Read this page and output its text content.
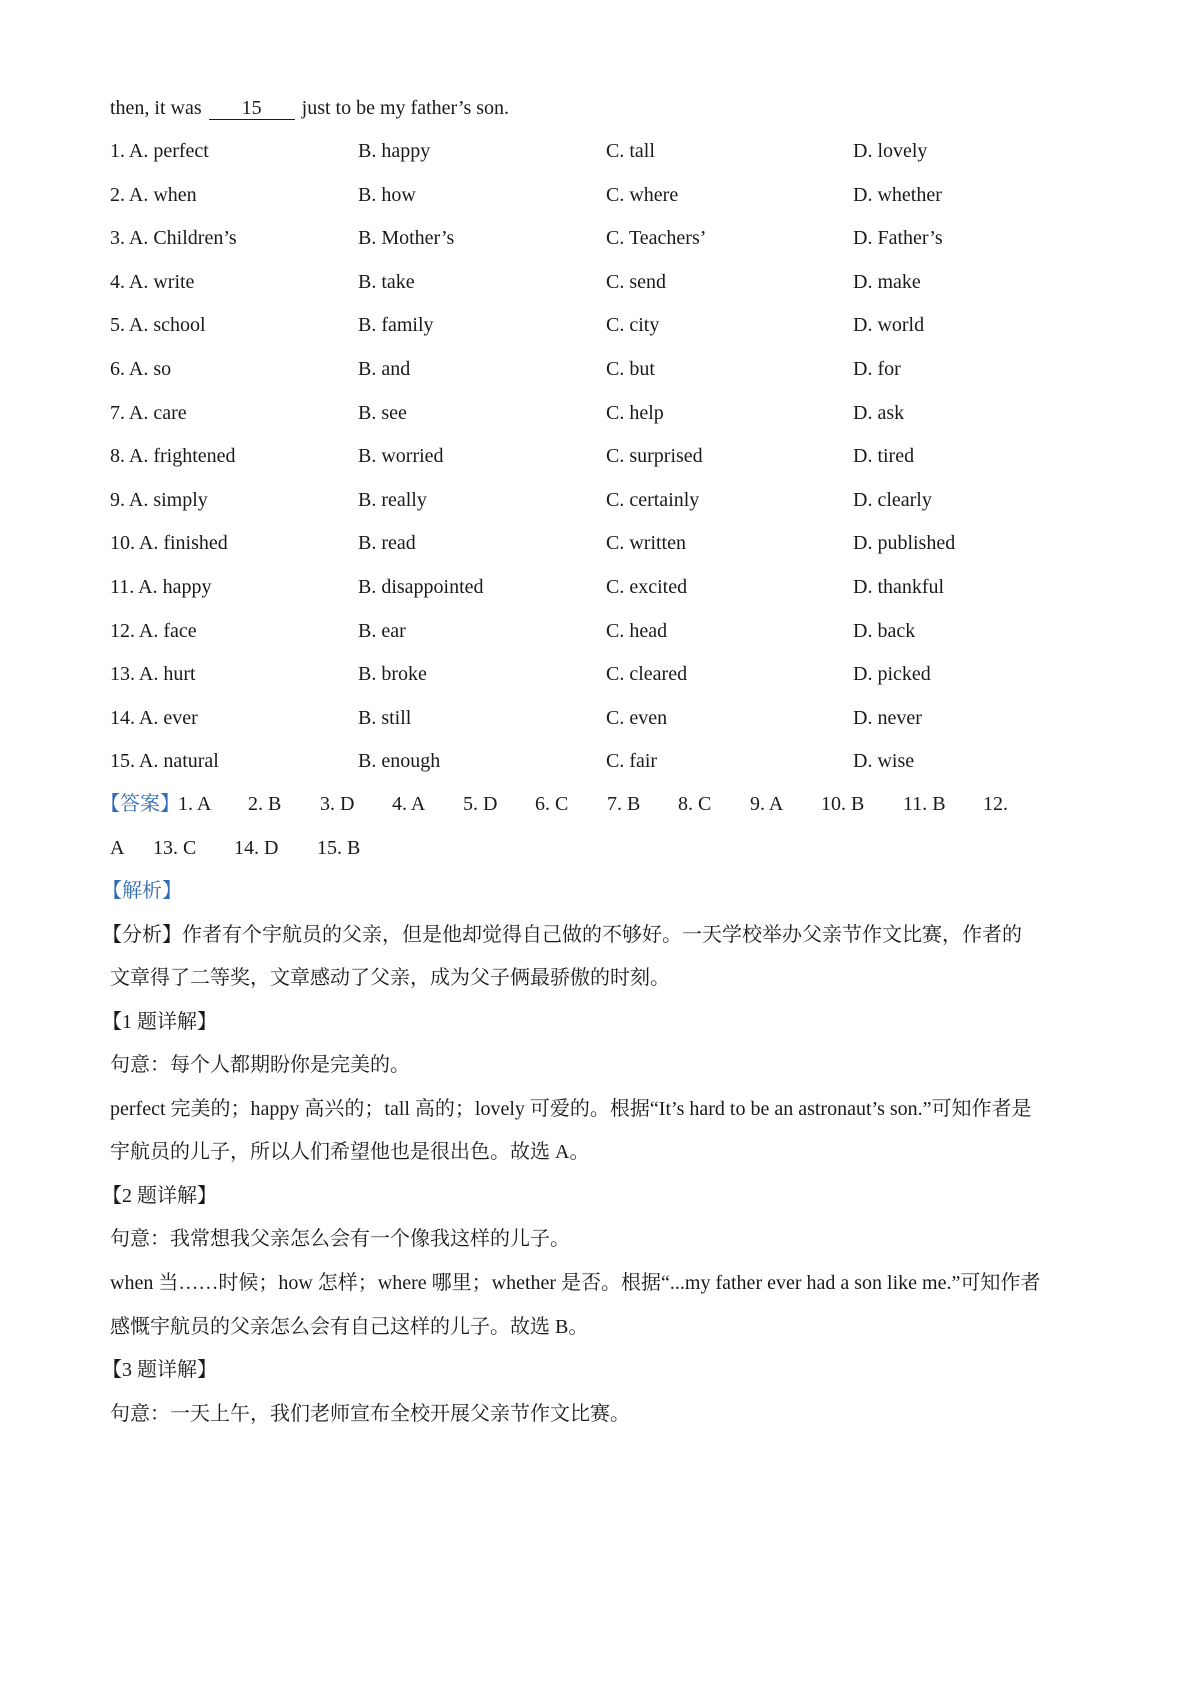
then, it was 15 just to be my father’s son.
1. A. perfect	B. happy	C. tall	D. lovely
2. A. when	B. how	C. where	D. whether
3. A. Children’s	B. Mother’s	C. Teachers’	D. Father’s
4. A. write	B. take	C. send	D. make
5. A. school	B. family	C. city	D. world
6. A. so	B. and	C. but	D. for
7. A. care	B. see	C. help	D. ask
8. A. frightened	B. worried	C. surprised	D. tired
9. A. simply	B. really	C. certainly	D. clearly
10. A. finished	B. read	C. written	D. published
11. A. happy	B. disappointed	C. excited	D. thankful
12. A. face	B. ear	C. head	D. back
13. A. hurt	B. broke	C. cleared	D. picked
14. A. ever	B. still	C. even	D. never
15. A. natural	B. enough	C. fair	D. wise
【答案】
1. A 2. B 3. D 4. A 5. D 6. C 7. B 8. C 9. A 10. B 11. B 12.
A 13. C 14. D 15. B
【解析】
【分析】作者有个宇航员的父亲，但是他却觉得自己做的不够好。一天学校举办父亲节作文比赛，作者的
文章得了二等奖，文章感动了父亲，成为父子俩最骄傲的时刻。
【1 题详解】
句意：每个人都期盼你是完美的。
perfect 完美的；happy 高兴的；tall 高的；lovely 可爱的。根据“It’s hard to be an astronaut’s son.”可知作者是
宇航员的儿子，所以人们希望他也是很出色。故选 A。
【2 题详解】
句意：我常想我父亲怎么会有一个像我这样的儿子。
when 当……时候；how 怎样；where 哪里；whether 是否。根据“...my father ever had a son like me.”可知作者
感慨宇航员的父亲怎么会有自己这样的儿子。故选 B。
【3 题详解】
句意：一天上午，我们老师宣布全校开展父亲节作文比赛。
